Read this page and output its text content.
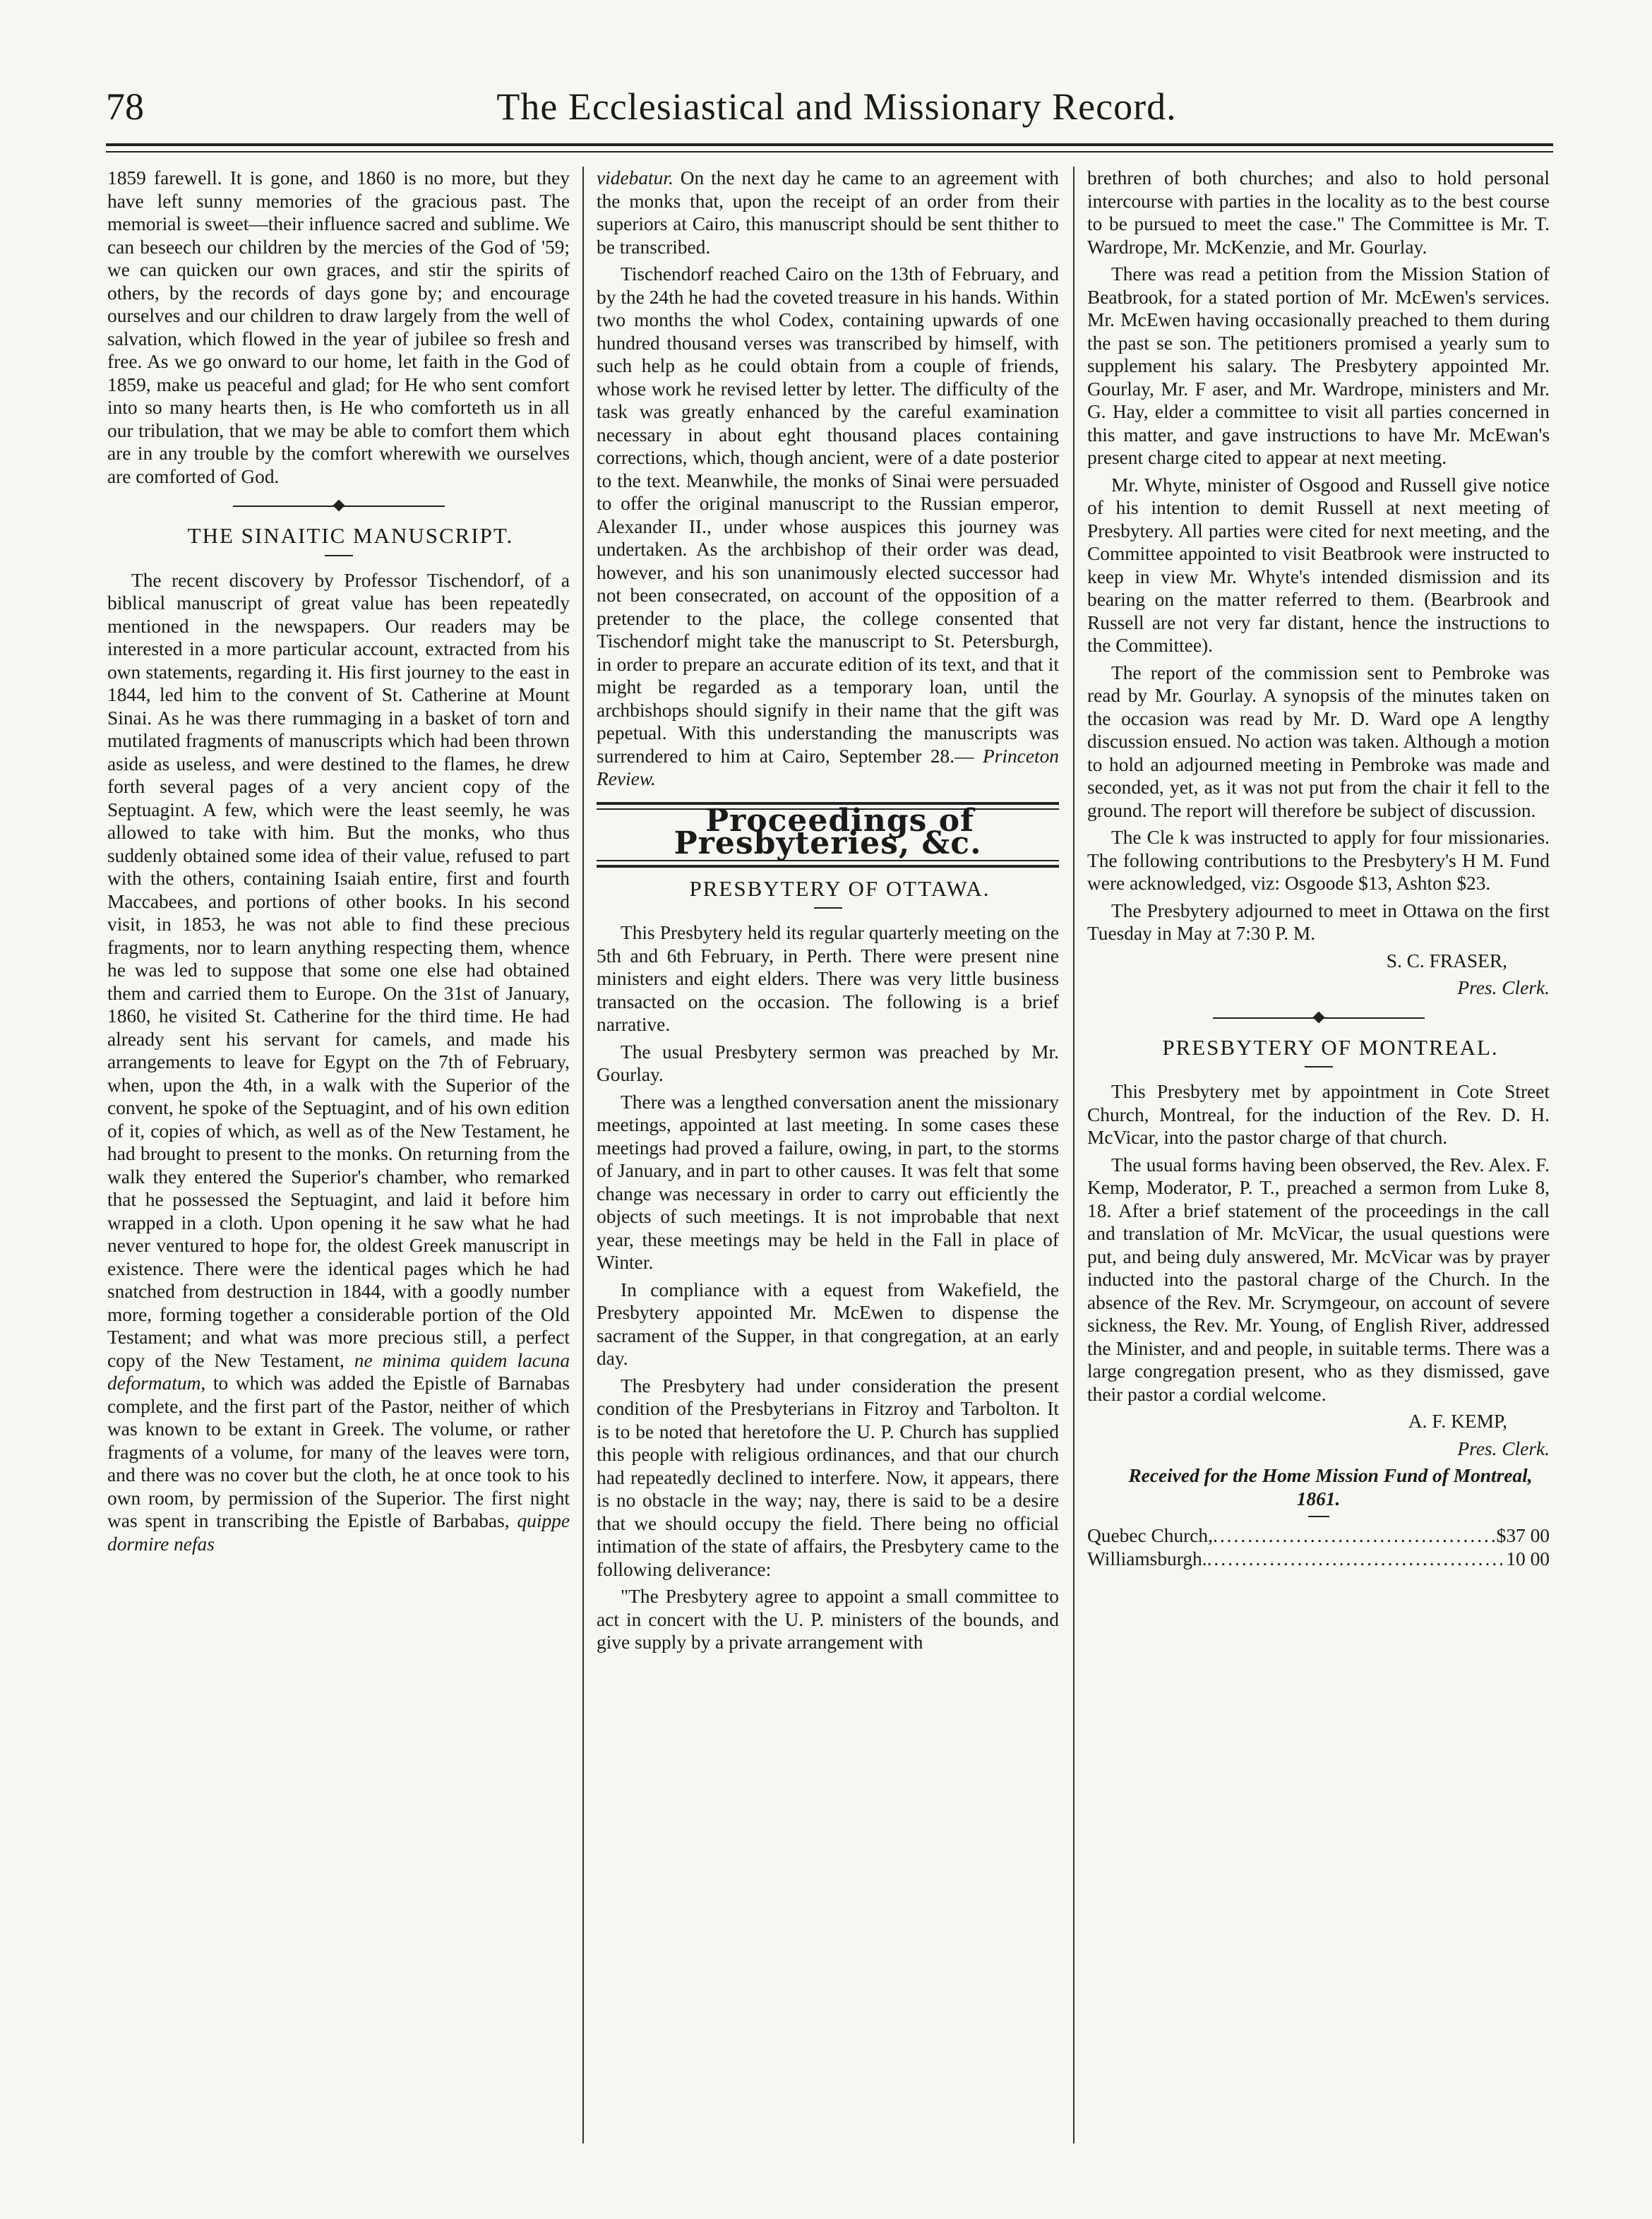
78	The Ecclesiastical and Missionary Record.

1859 farewell. It is gone, and 1860 is no more, but they have left sunny memories of the gracious past. The memorial is sweet—their influence sacred and sublime. We can beseech our children by the mercies of the God of '59; we can quicken our own graces, and stir the spirits of others, by the records of days gone by; and encourage ourselves and our children to draw largely from the well of salvation, which flowed in the year of jubilee so fresh and free. As we go onward to our home, let faith in the God of 1859, make us peaceful and glad; for He who sent comfort into so many hearts then, is He who comforteth us in all our tribulation, that we may be able to comfort them which are in any trouble by the comfort wherewith we ourselves are comforted of God.

THE SINAITIC MANUSCRIPT.

The recent discovery by Professor Tischendorf, of a biblical manuscript of great value has been repeatedly mentioned in the newspapers. Our readers may be interested in a more particular account, extracted from his own statements, regarding it. His first journey to the east in 1844, led him to the convent of St. Catherine at Mount Sinai. As he was there rummaging in a basket of torn and mutilated fragments of manuscripts which had been thrown aside as useless, and were destined to the flames, he drew forth several pages of a very ancient copy of the Septuagint. A few, which were the least seemly, he was allowed to take with him. But the monks, who thus suddenly obtained some idea of their value, refused to part with the others, containing Isaiah entire, first and fourth Maccabees, and portions of other books. In his second visit, in 1853, he was not able to find these precious fragments, nor to learn anything respecting them, whence he was led to suppose that some one else had obtained them and carried them to Europe. On the 31st of January, 1860, he visited St. Catherine for the third time. He had already sent his servant for camels, and made his arrangements to leave for Egypt on the 7th of February, when, upon the 4th, in a walk with the Superior of the convent, he spoke of the Septuagint, and of his own edition of it, copies of which, as well as of the New Testament, he had brought to present to the monks. On returning from the walk they entered the Superior's chamber, who remarked that he possessed the Septuagint, and laid it before him wrapped in a cloth. Upon opening it he saw what he had never ventured to hope for, the oldest Greek manuscript in existence. There were the identical pages which he had snatched from destruction in 1844, with a goodly number more, forming together a considerable portion of the Old Testament; and what was more precious still, a perfect copy of the New Testament, ne minima quidem lacuna deformatum, to which was added the Epistle of Barnabas complete, and the first part of the Pastor, neither of which was known to be extant in Greek. The volume, or rather fragments of a volume, for many of the leaves were torn, and there was no cover but the cloth, he at once took to his own room, by permission of the Superior. The first night was spent in transcribing the Epistle of Barbabas, quippe dormire nefas

videbatur. On the next day he came to an agreement with the monks that, upon the receipt of an order from their superiors at Cairo, this manuscript should be sent thither to be transcribed.

Tischendorf reached Cairo on the 13th of February, and by the 24th he had the coveted treasure in his hands. Within two months the whol Codex, containing upwards of one hundred thousand verses was transcribed by himself, with such help as he could obtain from a couple of friends, whose work he revised letter by letter. The difficulty of the task was greatly enhanced by the careful examination necessary in about eght thousand places containing corrections, which, though ancient, were of a date posterior to the text. Meanwhile, the monks of Sinai were persuaded to offer the original manuscript to the Russian emperor, Alexander II., under whose auspices this journey was undertaken. As the archbishop of their order was dead, however, and his son unanimously elected successor had not been consecrated, on account of the opposition of a pretender to the place, the college consented that Tischendorf might take the manuscript to St. Petersburgh, in order to prepare an accurate edition of its text, and that it might be regarded as a temporary loan, until the archbishops should signify in their name that the gift was pepetual. With this understanding the manuscripts was surrendered to him at Cairo, September 28.— Princeton Review.

Proceedings of Presbyteries, &c.

PRESBYTERY OF OTTAWA.

This Presbytery held its regular quarterly meeting on the 5th and 6th February, in Perth. There were present nine ministers and eight elders. There was very little business transacted on the occasion. The following is a brief narrative.

The usual Presbytery sermon was preached by Mr. Gourlay.

There was a lengthed conversation anent the missionary meetings, appointed at last meeting. In some cases these meetings had proved a failure, owing, in part, to the storms of January, and in part to other causes. It was felt that some change was necessary in order to carry out efficiently the objects of such meetings. It is not improbable that next year, these meetings may be held in the Fall in place of Winter.

In compliance with a equest from Wakefield, the Presbytery appointed Mr. McEwen to dispense the sacrament of the Supper, in that congregation, at an early day.

The Presbytery had under consideration the present condition of the Presbyterians in Fitzroy and Tarbolton. It is to be noted that heretofore the U. P. Church has supplied this people with religious ordinances, and that our church had repeatedly declined to interfere. Now, it appears, there is no obstacle in the way; nay, there is said to be a desire that we should occupy the field. There being no official intimation of the state of affairs, the Presbytery came to the following deliverance:

"The Presbytery agree to appoint a small committee to act in concert with the U. P. ministers of the bounds, and give supply by a private arrangement with

brethren of both churches; and also to hold personal intercourse with parties in the locality as to the best course to be pursued to meet the case." The Committee is Mr. T. Wardrope, Mr. McKenzie, and Mr. Gourlay.

There was read a petition from the Mission Station of Beatbrook, for a stated portion of Mr. McEwen's services. Mr. McEwen having occasionally preached to them during the past se son. The petitioners promised a yearly sum to supplement his salary. The Presbytery appointed Mr. Gourlay, Mr. F aser, and Mr. Wardrope, ministers and Mr. G. Hay, elder a committee to visit all parties concerned in this matter, and gave instructions to have Mr. McEwan's present charge cited to appear at next meeting.

Mr. Whyte, minister of Osgood and Russell give notice of his intention to demit Russell at next meeting of Presbytery. All parties were cited for next meeting, and the Committee appointed to visit Beatbrook were instructed to keep in view Mr. Whyte's intended dismission and its bearing on the matter referred to them. (Bearbrook and Russell are not very far distant, hence the instructions to the Committee).

The report of the commission sent to Pembroke was read by Mr. Gourlay. A synopsis of the minutes taken on the occasion was read by Mr. D. Ward ope A lengthy discussion ensued. No action was taken. Although a motion to hold an adjourned meeting in Pembroke was made and seconded, yet, as it was not put from the chair it fell to the ground. The report will therefore be subject of discussion.

The Cle k was instructed to apply for four missionaries. The following contributions to the Presbytery's H M. Fund were acknowledged, viz: Osgoode $13, Ashton $23.

The Presbytery adjourned to meet in Ottawa on the first Tuesday in May at 7:30 P. M.

S. C. FRASER,

Pres. Clerk.

PRESBYTERY OF MONTREAL.

This Presbytery met by appointment in Cote Street Church, Montreal, for the induction of the Rev. D. H. McVicar, into the pastor charge of that church.

The usual forms having been observed, the Rev. Alex. F. Kemp, Moderator, P. T., preached a sermon from Luke 8, 18. After a brief statement of the proceedings in the call and translation of Mr. McVicar, the usual questions were put, and being duly answered, Mr. McVicar was by prayer inducted into the pastoral charge of the Church. In the absence of the Rev. Mr. Scrymgeour, on account of severe sickness, the Rev. Mr. Young, of English River, addressed the Minister, and and people, in suitable terms. There was a large congregation present, who as they dismissed, gave their pastor a cordial welcome.

A. F. KEMP,

Pres. Clerk.

Received for the Home Mission Fund of Montreal, 1861.

Quebec Church, .....	$37 00
Williamsburgh. .....	10 00
